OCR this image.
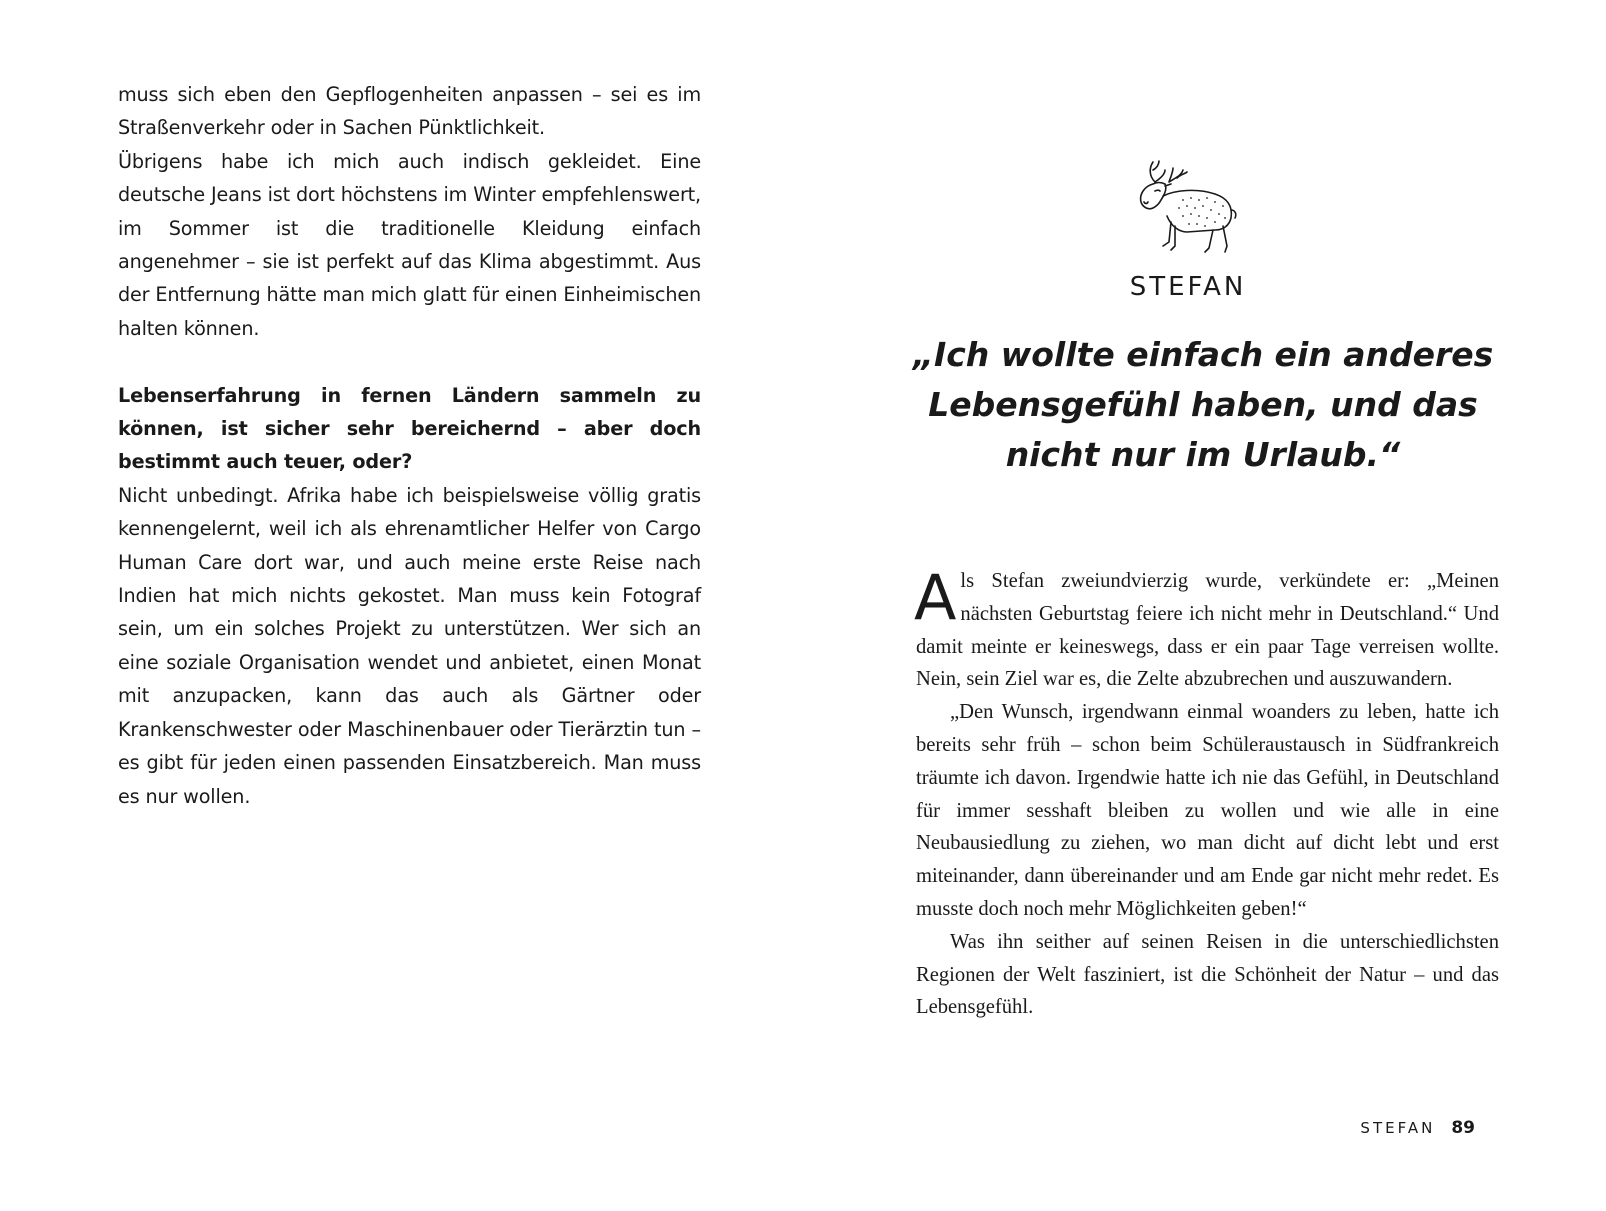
muss sich eben den Gepflogenheiten anpassen – sei es im Straßenverkehr oder in Sachen Pünktlichkeit.

Übrigens habe ich mich auch indisch gekleidet. Eine deutsche Jeans ist dort höchstens im Winter empfehlenswert, im Sommer ist die traditionelle Kleidung einfach angenehmer – sie ist perfekt auf das Klima abgestimmt. Aus der Entfernung hätte man mich glatt für einen Einheimischen halten können.

Lebenserfahrung in fernen Ländern sammeln zu können, ist sicher sehr bereichernd – aber doch bestimmt auch teuer, oder?

Nicht unbedingt. Afrika habe ich beispielsweise völlig gratis kennengelernt, weil ich als ehrenamtlicher Helfer von Cargo Human Care dort war, und auch meine erste Reise nach Indien hat mich nichts gekostet. Man muss kein Fotograf sein, um ein solches Projekt zu unterstützen. Wer sich an eine soziale Organisation wendet und anbietet, einen Monat mit anzupacken, kann das auch als Gärtner oder Krankenschwester oder Maschinenbauer oder Tierärztin tun – es gibt für jeden einen passenden Einsatzbereich. Man muss es nur wollen.

STEFAN

„Ich wollte einfach ein anderes Lebensgefühl haben, und das nicht nur im Urlaub.“

Als Stefan zweiundvierzig wurde, verkündete er: „Meinen nächsten Geburtstag feiere ich nicht mehr in Deutschland.“ Und damit meinte er keineswegs, dass er ein paar Tage verreisen wollte. Nein, sein Ziel war es, die Zelte abzubrechen und auszuwandern.

„Den Wunsch, irgendwann einmal woanders zu leben, hatte ich bereits sehr früh – schon beim Schüleraustausch in Südfrankreich träumte ich davon. Irgendwie hatte ich nie das Gefühl, in Deutschland für immer sesshaft bleiben zu wollen und wie alle in eine Neubausiedlung zu ziehen, wo man dicht auf dicht lebt und erst miteinander, dann übereinander und am Ende gar nicht mehr redet. Es musste doch noch mehr Möglichkeiten geben!“

Was ihn seither auf seinen Reisen in die unterschiedlichsten Regionen der Welt fasziniert, ist die Schönheit der Natur – und das Lebensgefühl.

STEFAN 89
